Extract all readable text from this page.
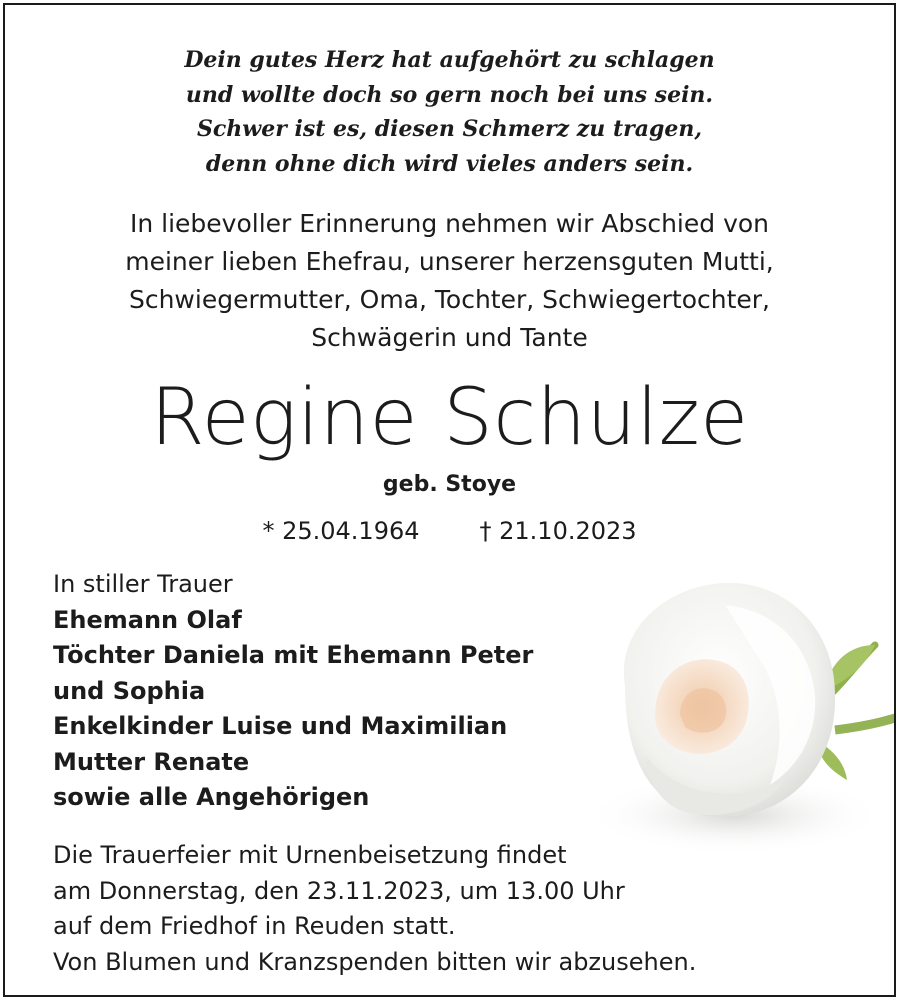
Dein gutes Herz hat aufgehört zu schlagen
und wollte doch so gern noch bei uns sein.
Schwer ist es, diesen Schmerz zu tragen,
denn ohne dich wird vieles anders sein.
In liebevoller Erinnerung nehmen wir Abschied von
meiner lieben Ehefrau, unserer herzensguten Mutti,
Schwiegermutter, Oma, Tochter, Schwiegertochter,
Schwägerin und Tante
Regine Schulze
geb. Stoye
* 25.04.1964	† 21.10.2023
In stiller Trauer
Ehemann Olaf
Töchter Daniela mit Ehemann Peter
und Sophia
Enkelkinder Luise und Maximilian
Mutter Renate
sowie alle Angehörigen
Die Trauerfeier mit Urnenbeisetzung findet
am Donnerstag, den 23.11.2023, um 13.00 Uhr
auf dem Friedhof in Reuden statt.
Von Blumen und Kranzspenden bitten wir abzusehen.
